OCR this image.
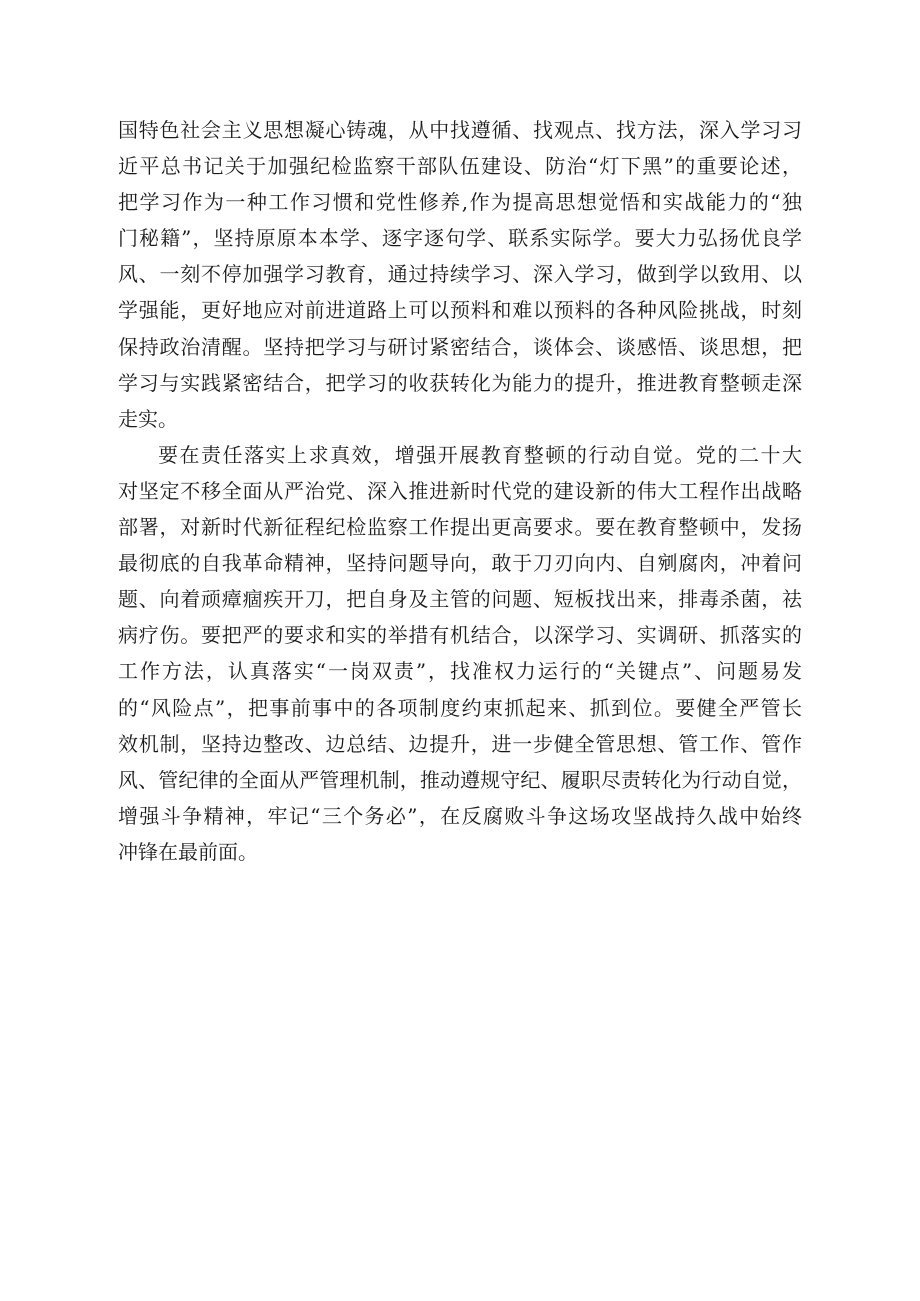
国特色社会主义思想凝心铸魂，从中找遵循、找观点、找方法，深入学习习
近平总书记关于加强纪检监察干部队伍建设、防治“灯下黑”的重要论述，
把学习作为一种工作习惯和党性修养,作为提高思想觉悟和实战能力的“独
门秘籍”，坚持原原本本学、逐字逐句学、联系实际学。要大力弘扬优良学
风、一刻不停加强学习教育，通过持续学习、深入学习，做到学以致用、以
学强能，更好地应对前进道路上可以预料和难以预料的各种风险挑战，时刻
保持政治清醒。坚持把学习与研讨紧密结合，谈体会、谈感悟、谈思想，把
学习与实践紧密结合，把学习的收获转化为能力的提升，推进教育整顿走深
走实。
要在责任落实上求真效，增强开展教育整顿的行动自觉。党的二十大
对坚定不移全面从严治党、深入推进新时代党的建设新的伟大工程作出战略
部署，对新时代新征程纪检监察工作提出更高要求。要在教育整顿中，发扬
最彻底的自我革命精神，坚持问题导向，敢于刀刃向内、自剜腐肉，冲着问
题、向着顽瘴痼疾开刀，把自身及主管的问题、短板找出来，排毒杀菌，祛
病疗伤。要把严的要求和实的举措有机结合，以深学习、实调研、抓落实的
工作方法，认真落实“一岗双责”，找准权力运行的“关键点”、问题易发
的“风险点”，把事前事中的各项制度约束抓起来、抓到位。要健全严管长
效机制，坚持边整改、边总结、边提升，进一步健全管思想、管工作、管作
风、管纪律的全面从严管理机制，推动遵规守纪、履职尽责转化为行动自觉，
增强斗争精神，牢记“三个务必”，在反腐败斗争这场攻坚战持久战中始终
冲锋在最前面。
